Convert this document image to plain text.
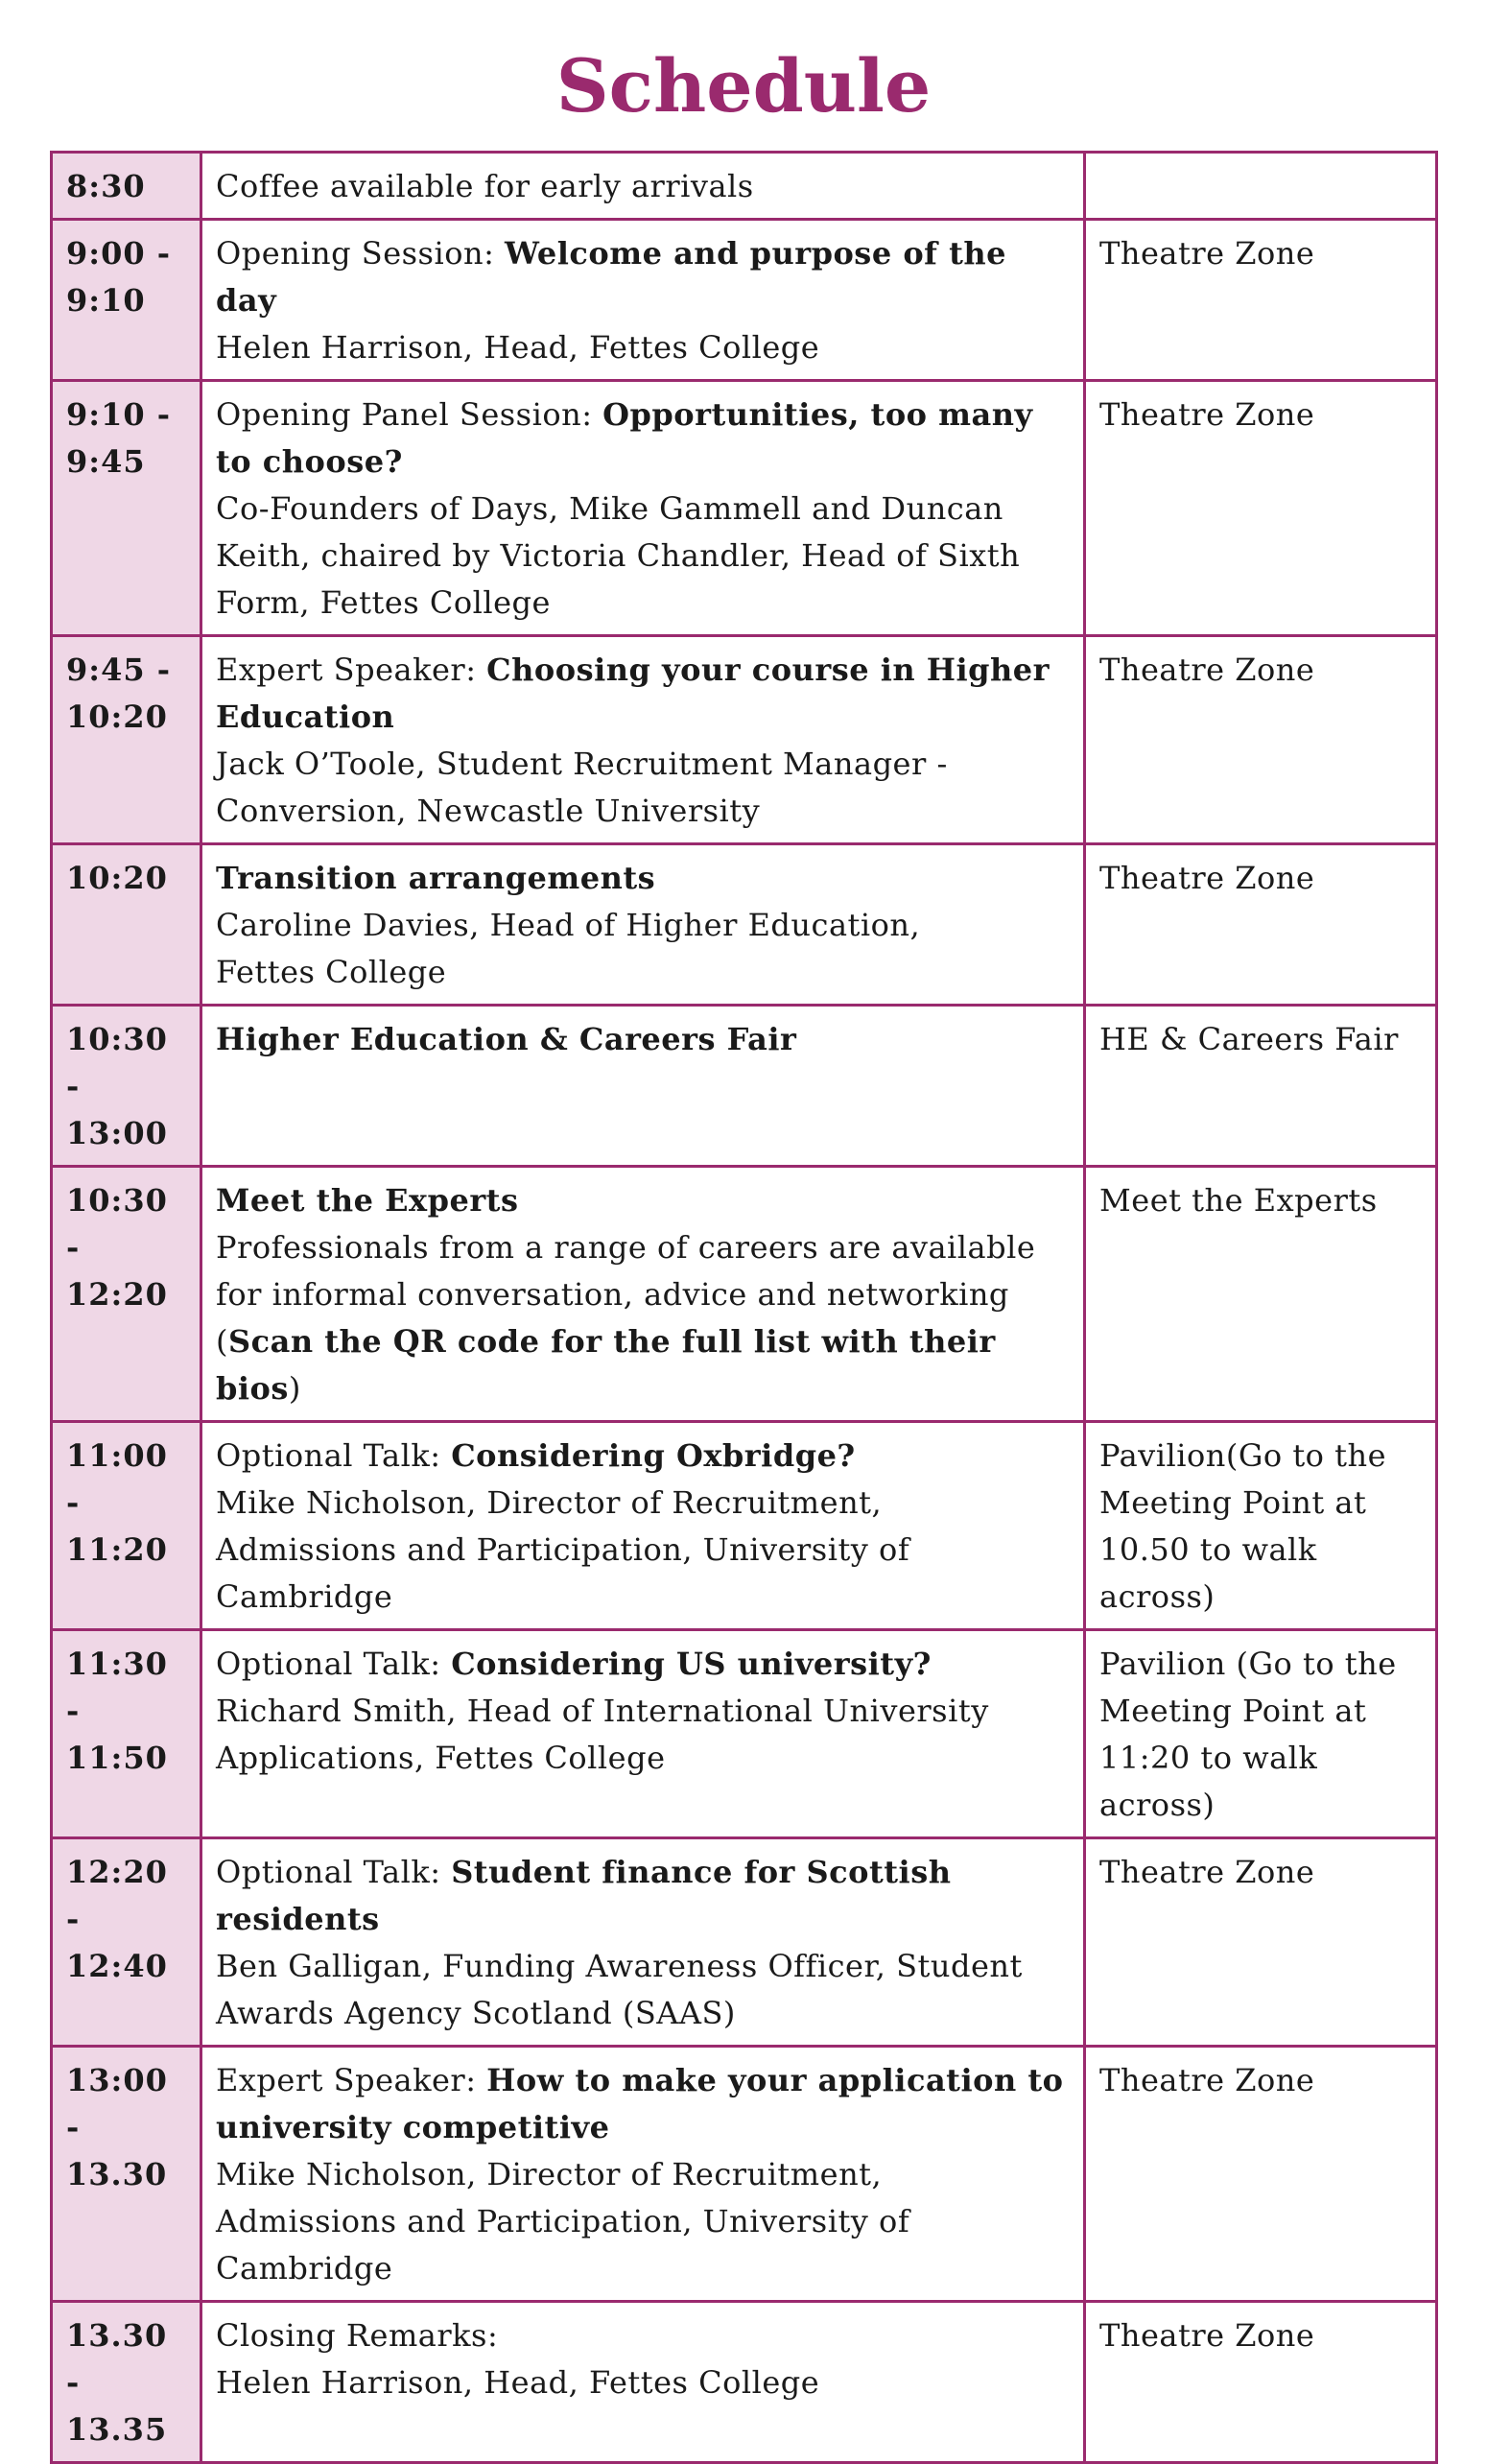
Schedule
8:30	Coffee available for early arrivals	

9:00 -
9:10	Opening Session: Welcome and purpose of the day
Helen Harrison, Head, Fettes College	Theatre Zone

9:10 -
9:45	Opening Panel Session: Opportunities, too many to choose?
Co-Founders of Days, Mike Gammell and Duncan Keith, chaired by Victoria Chandler, Head of Sixth Form, Fettes College	Theatre Zone

9:45 -
10:20	Expert Speaker: Choosing your course in Higher Education
Jack O’Toole, Student Recruitment Manager - Conversion, Newcastle University	Theatre Zone

10:20	Transition arrangements
Caroline Davies, Head of Higher Education,
Fettes College	Theatre Zone

10:30 -
13:00	Higher Education & Careers Fair	HE & Careers Fair

10:30 -
12:20	Meet the Experts
Professionals from a range of careers are available for informal conversation, advice and networking
(Scan the QR code for the full list with their bios)	Meet the Experts

11:00 -
11:20	Optional Talk: Considering Oxbridge?
Mike Nicholson, Director of Recruitment, Admissions and Participation, University of Cambridge	Pavilion(Go to the
Meeting Point at
10.50 to walk across)

11:30 -
11:50	Optional Talk: Considering US university?
Richard Smith, Head of International University Applications, Fettes College	Pavilion (Go to the
Meeting Point at
11:20 to walk across)

12:20 -
12:40	Optional Talk: Student finance for Scottish residents
Ben Galligan, Funding Awareness Officer, Student Awards Agency Scotland (SAAS)	Theatre Zone

13:00 -
13.30	Expert Speaker: How to make your application to university competitive
Mike Nicholson, Director of Recruitment, Admissions and Participation, University of Cambridge	Theatre Zone

13.30 -
13.35	Closing Remarks:
Helen Harrison, Head, Fettes College	Theatre Zone
